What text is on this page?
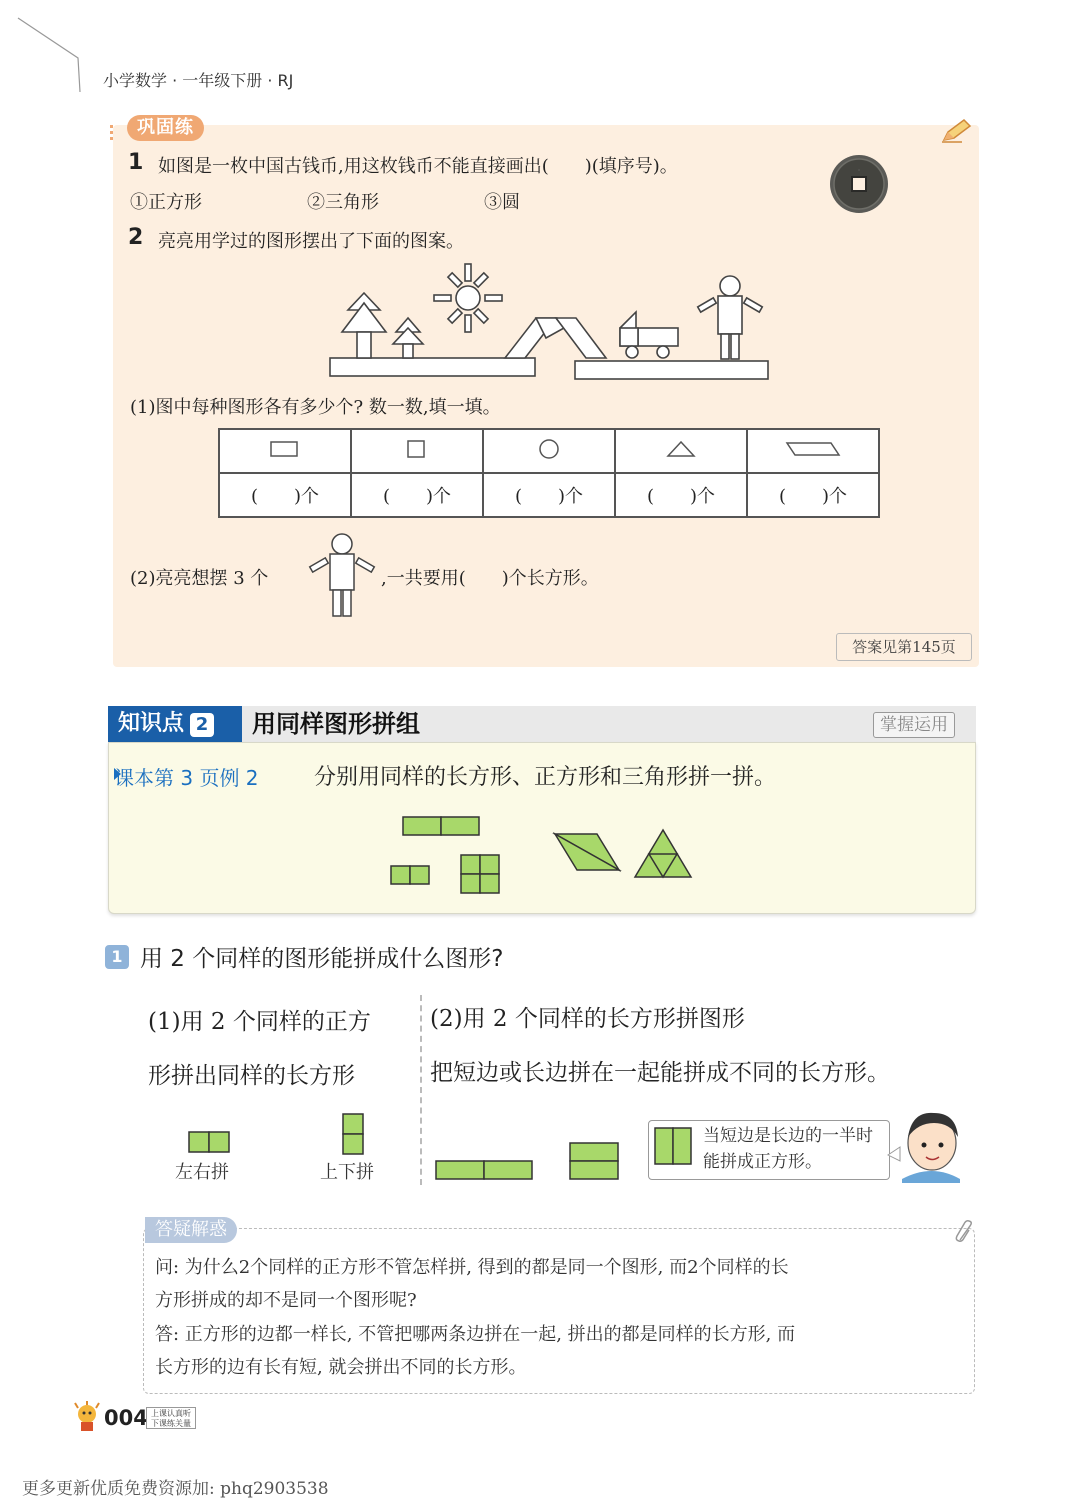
小学数学 · 一年级下册 · RJ
巩固练
1 如图是一枚中国古钱币,用这枚钱币不能直接画出(　　)(填序号)。
①正方形	②三角形	③圆
·
2 亮亮用学过的图形摆出了下面的图案。
(1)图中每种图形各有多少个? 数一数,填一填。

(　　)个	(　　)个	(　　)个	(　　)个	(　　)个
(2)亮亮想摆 3 个	,一共要用(　　)个长方形。
答案见第145页
知识点 2	用同样图形拼组	掌握运用
课本第 3 页例 2	分别用同样的长方形、正方形和三角形拼一拼。
1 用 2 个同样的图形能拼成什么图形?
(1)用 2 个同样的正方
形拼出同样的长方形
左右拼	上下拼
(2)用 2 个同样的长方形拼图形
把短边或长边拼在一起能拼成不同的长方形。
当短边是长边的一半时能拼成正方形。
答疑解惑
问: 为什么2个同样的正方形不管怎样拼, 得到的都是同一个图形, 而2个同样的长
方形拼成的却不是同一个图形呢?
答: 正方形的边都一样长, 不管把哪两条边拼在一起, 拼出的都是同样的长方形, 而
长方形的边有长有短, 就会拼出不同的长方形。
004 上课认真听
下课练关量
更多更新优质免费资源加: phq2903538
